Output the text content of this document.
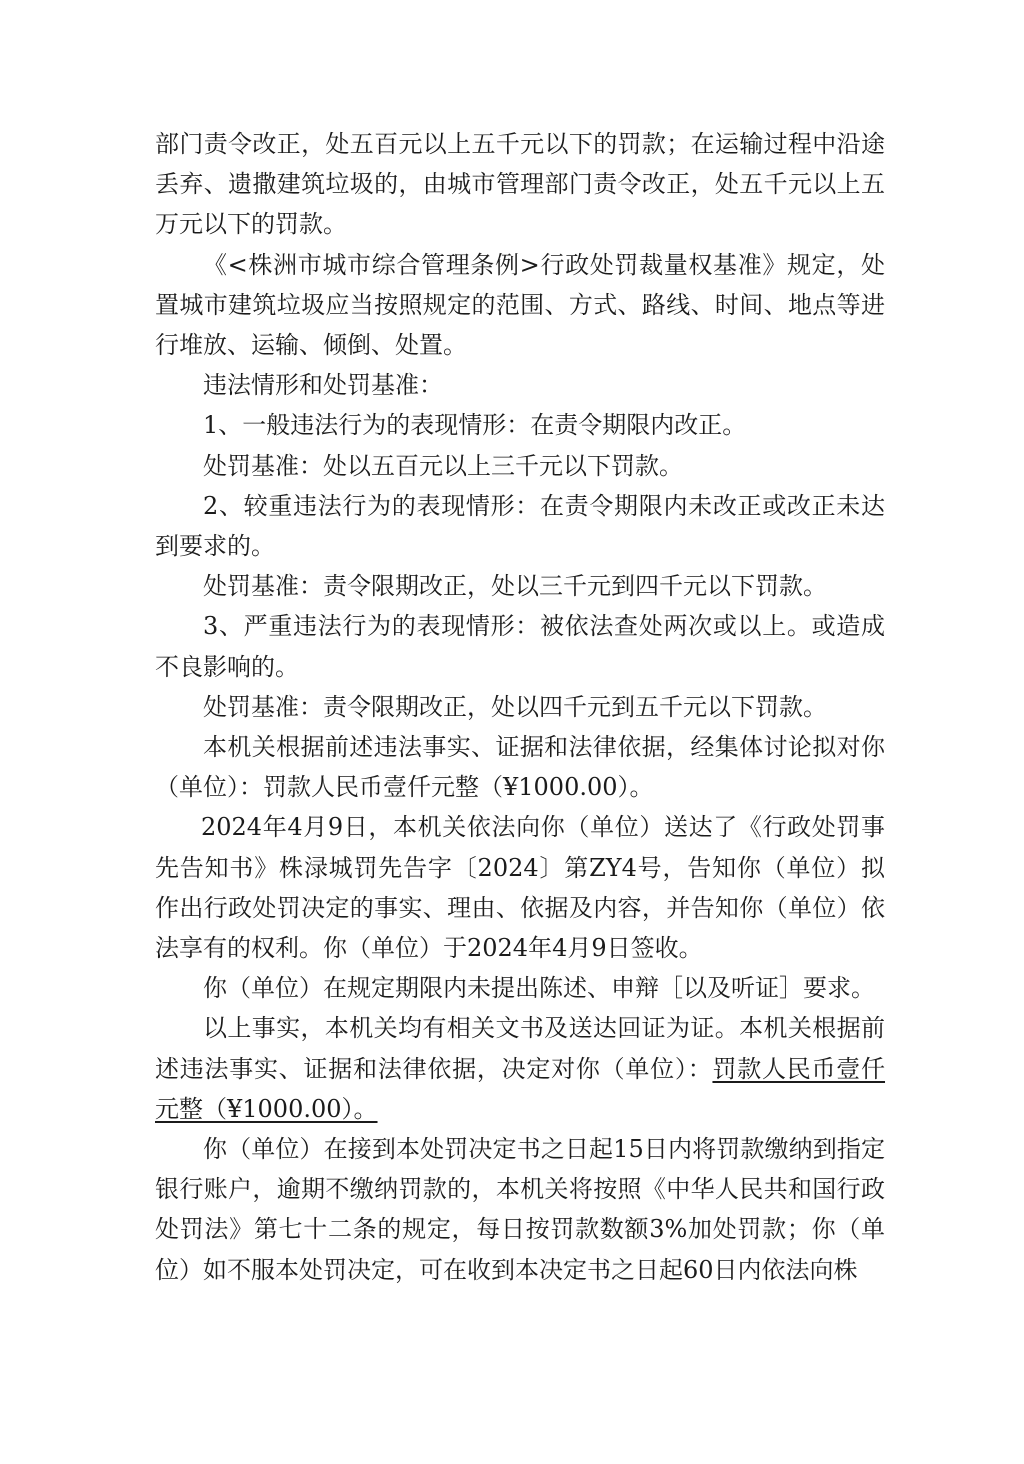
部门责令改正，处五百元以上五千元以下的罚款；在运输过程中沿途丢弃、遗撒建筑垃圾的，由城市管理部门责令改正，处五千元以上五万元以下的罚款。

《<株洲市城市综合管理条例>行政处罚裁量权基准》规定，处置城市建筑垃圾应当按照规定的范围、方式、路线、时间、地点等进行堆放、运输、倾倒、处置。

违法情形和处罚基准：

1、一般违法行为的表现情形：在责令期限内改正。

处罚基准：处以五百元以上三千元以下罚款。

2、较重违法行为的表现情形：在责令期限内未改正或改正未达到要求的。

处罚基准：责令限期改正，处以三千元到四千元以下罚款。

3、严重违法行为的表现情形：被依法查处两次或以上。或造成不良影响的。

处罚基准：责令限期改正，处以四千元到五千元以下罚款。

本机关根据前述违法事实、证据和法律依据，经集体讨论拟对你（单位）：罚款人民币壹仟元整（¥1000.00）。

2024年4月9日，本机关依法向你（单位）送达了《行政处罚事先告知书》株渌城罚先告字〔2024〕第ZY4号，告知你（单位）拟作出行政处罚决定的事实、理由、依据及内容，并告知你（单位）依法享有的权利。你（单位）于2024年4月9日签收。

你（单位）在规定期限内未提出陈述、申辩［以及听证］要求。

以上事实，本机关均有相关文书及送达回证为证。本机关根据前述违法事实、证据和法律依据，决定对你（单位）：罚款人民币壹仟元整（¥1000.00）。

你（单位）在接到本处罚决定书之日起15日内将罚款缴纳到指定银行账户，逾期不缴纳罚款的，本机关将按照《中华人民共和国行政处罚法》第七十二条的规定，每日按罚款数额3%加处罚款；你（单位）如不服本处罚决定，可在收到本决定书之日起60日内依法向株
